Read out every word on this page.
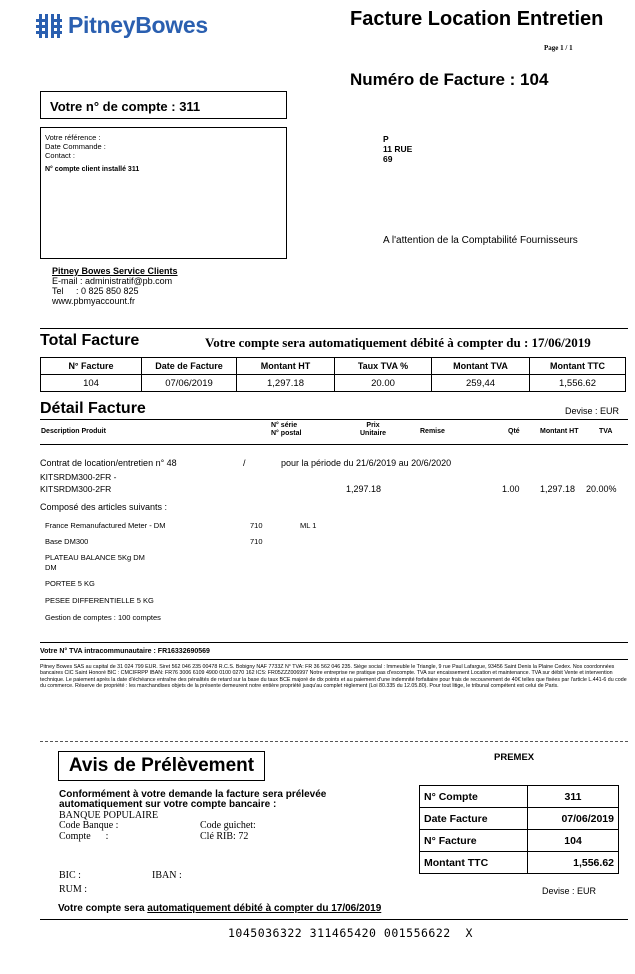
PitneyBowes	Facture Location Entretien
Page 1 / 1
Numéro de Facture : 104
Votre n° de compte : 311
Votre référence :
Date Commande :
Contact :
N° compte client installé 311
P
11 RUE
69
A l'attention de la Comptabilité Fournisseurs
Pitney Bowes Service Clients
E-mail : administratif@pb.com
Tel     : 0 825 850 825
www.pbmyaccount.fr
Total Facture	Votre compte sera automatiquement débité à compter du : 17/06/2019
N° Facture	Date de Facture	Montant HT	Taux TVA %	Montant TVA	Montant TTC
104	07/06/2019	1,297.18	20.00	259,44	1,556.62
Détail Facture	Devise : EUR
Description Produit
N° série
N° postal
Prix
Unitaire	Remise	Qté	Montant HT	TVA
Contrat de location/entretien n° 48	/	pour la période du 21/6/2019 au 20/6/2020
KITSRDM300-2FR -
KITSRDM300-2FR	1,297.18	1.00 1,297.18 20.00%
Composé des articles suivants :
France Remanufactured Meter - DM	710	ML 1
Base DM300	710
PLATEAU BALANCE 5Kg DM
DM
PORTEE 5 KG
PESEE DIFFERENTIELLE 5 KG
Gestion de comptes : 100 comptes
Votre N° TVA intracommunautaire : FR16332690569
Pitney Bowes SAS au capital de 31 024 799 EUR. Siret 562 046 235 00478 R.C.S. Bobigny NAF 7733Z N° TVA: FR 36 562 046 235. Siège social : Immeuble le Triangle, 9 rue Paul Lafargue, 93456 Saint Denis la Plaine Cedex. Nos coordonnées bancaires CIC Saint Honoré BIC : CMCIFRPP IBAN: FR76 3006 6109 4900 0100 0270 162 ICS: FR05ZZZ006997 Notre entreprise ne pratique pas d'escompte. TVA sur encaissement Location et maintenance. TVA sur débit Vente et intervention technique. Le paiement après la date d'échéance entraîne des pénalités de retard sur la base du taux BCE majoré de dix points et au paiement d'une indemnité forfaitaire pour frais de recouvrement de 40€ telles que fixées par l'article L.441-6 du code du commerce. Réserve de propriété : les marchandises objets de la présente demeurent notre entière propriété jusqu'au complet règlement (Loi 80.335 du 12.05.80). Pour tout litige, le tribunal compétent est celui de Paris.
Avis de Prélèvement
Conformément à votre demande la facture sera prélevée automatiquement sur votre compte bancaire :
BANQUE POPULAIRE
Code Banque :	Code guichet:
Compte      :	Clé RIB: 72
BIC :	IBAN :
RUM :
PREMEX
N° Compte	311
Date Facture	07/06/2019
N° Facture	104
Montant TTC	1,556.62
Devise : EUR
Votre compte sera automatiquement débité à compter du 17/06/2019
1045036322 311465420 001556622  X
